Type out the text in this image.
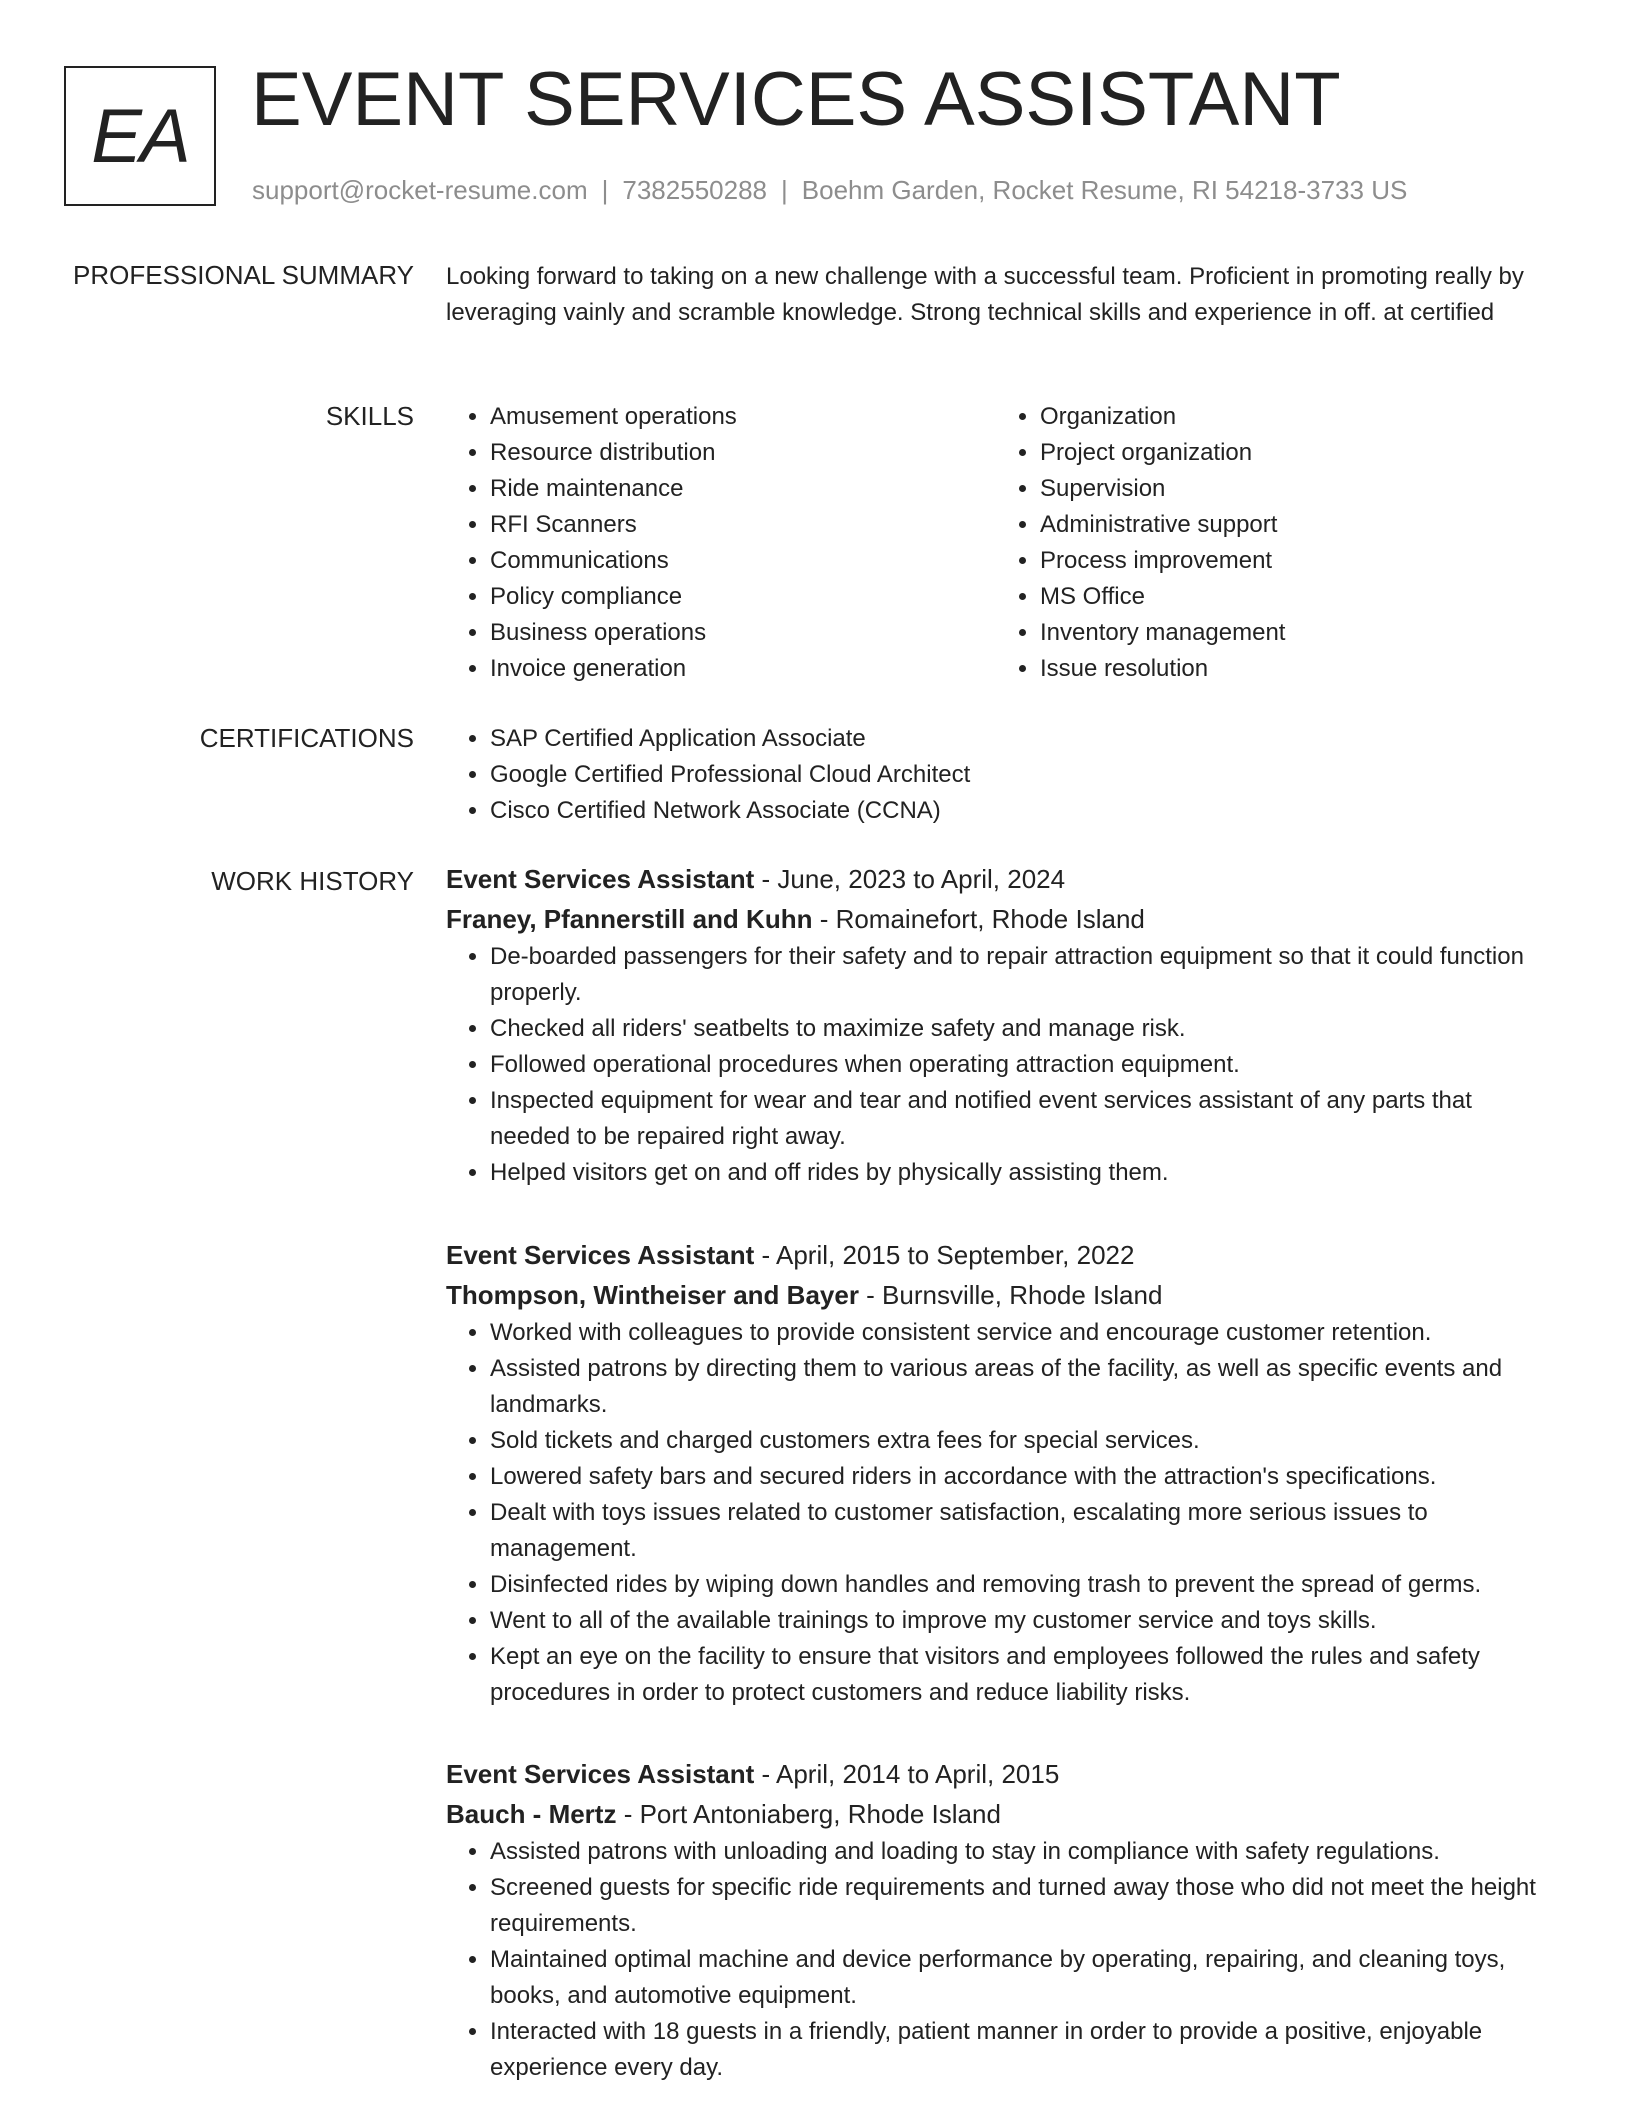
EA EVENT SERVICES ASSISTANT
support@rocket-resume.com | 7382550288 | Boehm Garden, Rocket Resume, RI 54218-3733 US
PROFESSIONAL SUMMARY Looking forward to taking on a new challenge with a successful team. Proficient in promoting really by leveraging vainly and scramble knowledge. Strong technical skills and experience in off. at certified

SKILLS	• Amusement operations
• Resource distribution
• Ride maintenance
• RFI Scanners
• Communications
• Policy compliance
• Business operations
• Invoice generation
• Organization
• Project organization
• Supervision
• Administrative support
• Process improvement
• MS Office
• Inventory management
• Issue resolution
CERTIFICATIONS	• SAP Certified Application Associate
• Google Certified Professional Cloud Architect
• Cisco Certified Network Associate (CCNA)
WORK HISTORY Event Services Assistant - June, 2023 to April, 2024
Franey, Pfannerstill and Kuhn - Romainefort, Rhode Island
• De-boarded passengers for their safety and to repair attraction equipment so that it could function properly.
• Checked all riders' seatbelts to maximize safety and manage risk.
• Followed operational procedures when operating attraction equipment.
• Inspected equipment for wear and tear and notified event services assistant of any parts that needed to be repaired right away.
• Helped visitors get on and off rides by physically assisting them.
Event Services Assistant - April, 2015 to September, 2022
Thompson, Wintheiser and Bayer - Burnsville, Rhode Island
• Worked with colleagues to provide consistent service and encourage customer retention.
• Assisted patrons by directing them to various areas of the facility, as well as specific events and landmarks.
• Sold tickets and charged customers extra fees for special services.
• Lowered safety bars and secured riders in accordance with the attraction's specifications.
• Dealt with toys issues related to customer satisfaction, escalating more serious issues to management.
• Disinfected rides by wiping down handles and removing trash to prevent the spread of germs.
• Went to all of the available trainings to improve my customer service and toys skills.
• Kept an eye on the facility to ensure that visitors and employees followed the rules and safety procedures in order to protect customers and reduce liability risks.
Event Services Assistant - April, 2014 to April, 2015
Bauch - Mertz - Port Antoniaberg, Rhode Island
• Assisted patrons with unloading and loading to stay in compliance with safety regulations.
• Screened guests for specific ride requirements and turned away those who did not meet the height requirements.
• Maintained optimal machine and device performance by operating, repairing, and cleaning toys, books, and automotive equipment.
• Interacted with 18 guests in a friendly, patient manner in order to provide a positive, enjoyable experience every day.
